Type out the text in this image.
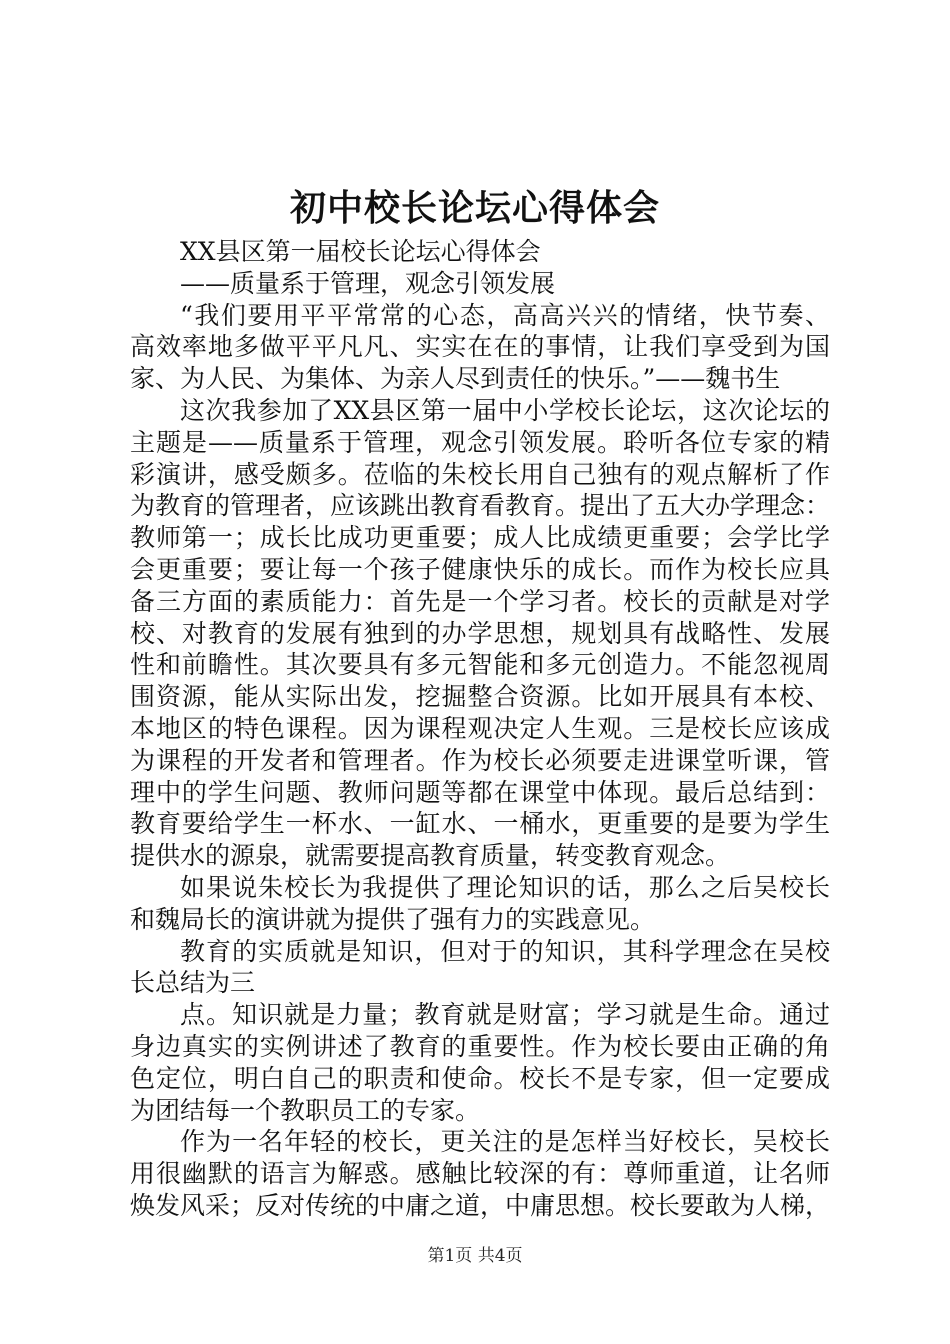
初中校长论坛心得体会
XX县区第一届校长论坛心得体会
——质量系于管理，观念引领发展
“我们要用平平常常的心态，高高兴兴的情绪，快节奏、
高效率地多做平平凡凡、实实在在的事情，让我们享受到为国
家、为人民、为集体、为亲人尽到责任的快乐。”——魏书生
这次我参加了XX县区第一届中小学校长论坛，这次论坛的
主题是——质量系于管理，观念引领发展。聆听各位专家的精
彩演讲，感受颇多。莅临的朱校长用自己独有的观点解析了作
为教育的管理者，应该跳出教育看教育。提出了五大办学理念：
教师第一；成长比成功更重要；成人比成绩更重要；会学比学
会更重要；要让每一个孩子健康快乐的成长。而作为校长应具
备三方面的素质能力：首先是一个学习者。校长的贡献是对学
校、对教育的发展有独到的办学思想，规划具有战略性、发展
性和前瞻性。其次要具有多元智能和多元创造力。不能忽视周
围资源，能从实际出发，挖掘整合资源。比如开展具有本校、
本地区的特色课程。因为课程观决定人生观。三是校长应该成
为课程的开发者和管理者。作为校长必须要走进课堂听课，管
理中的学生问题、教师问题等都在课堂中体现。最后总结到：
教育要给学生一杯水、一缸水、一桶水，更重要的是要为学生
提供水的源泉，就需要提高教育质量，转变教育观念。
如果说朱校长为我提供了理论知识的话，那么之后吴校长
和魏局长的演讲就为提供了强有力的实践意见。
教育的实质就是知识，但对于的知识，其科学理念在吴校
长总结为三
点。知识就是力量；教育就是财富；学习就是生命。通过
身边真实的实例讲述了教育的重要性。作为校长要由正确的角
色定位，明白自己的职责和使命。校长不是专家，但一定要成
为团结每一个教职员工的专家。
作为一名年轻的校长，更关注的是怎样当好校长，吴校长
用很幽默的语言为解惑。感触比较深的有：尊师重道，让名师
焕发风采；反对传统的中庸之道，中庸思想。校长要敢为人梯，
第1页 共4页
